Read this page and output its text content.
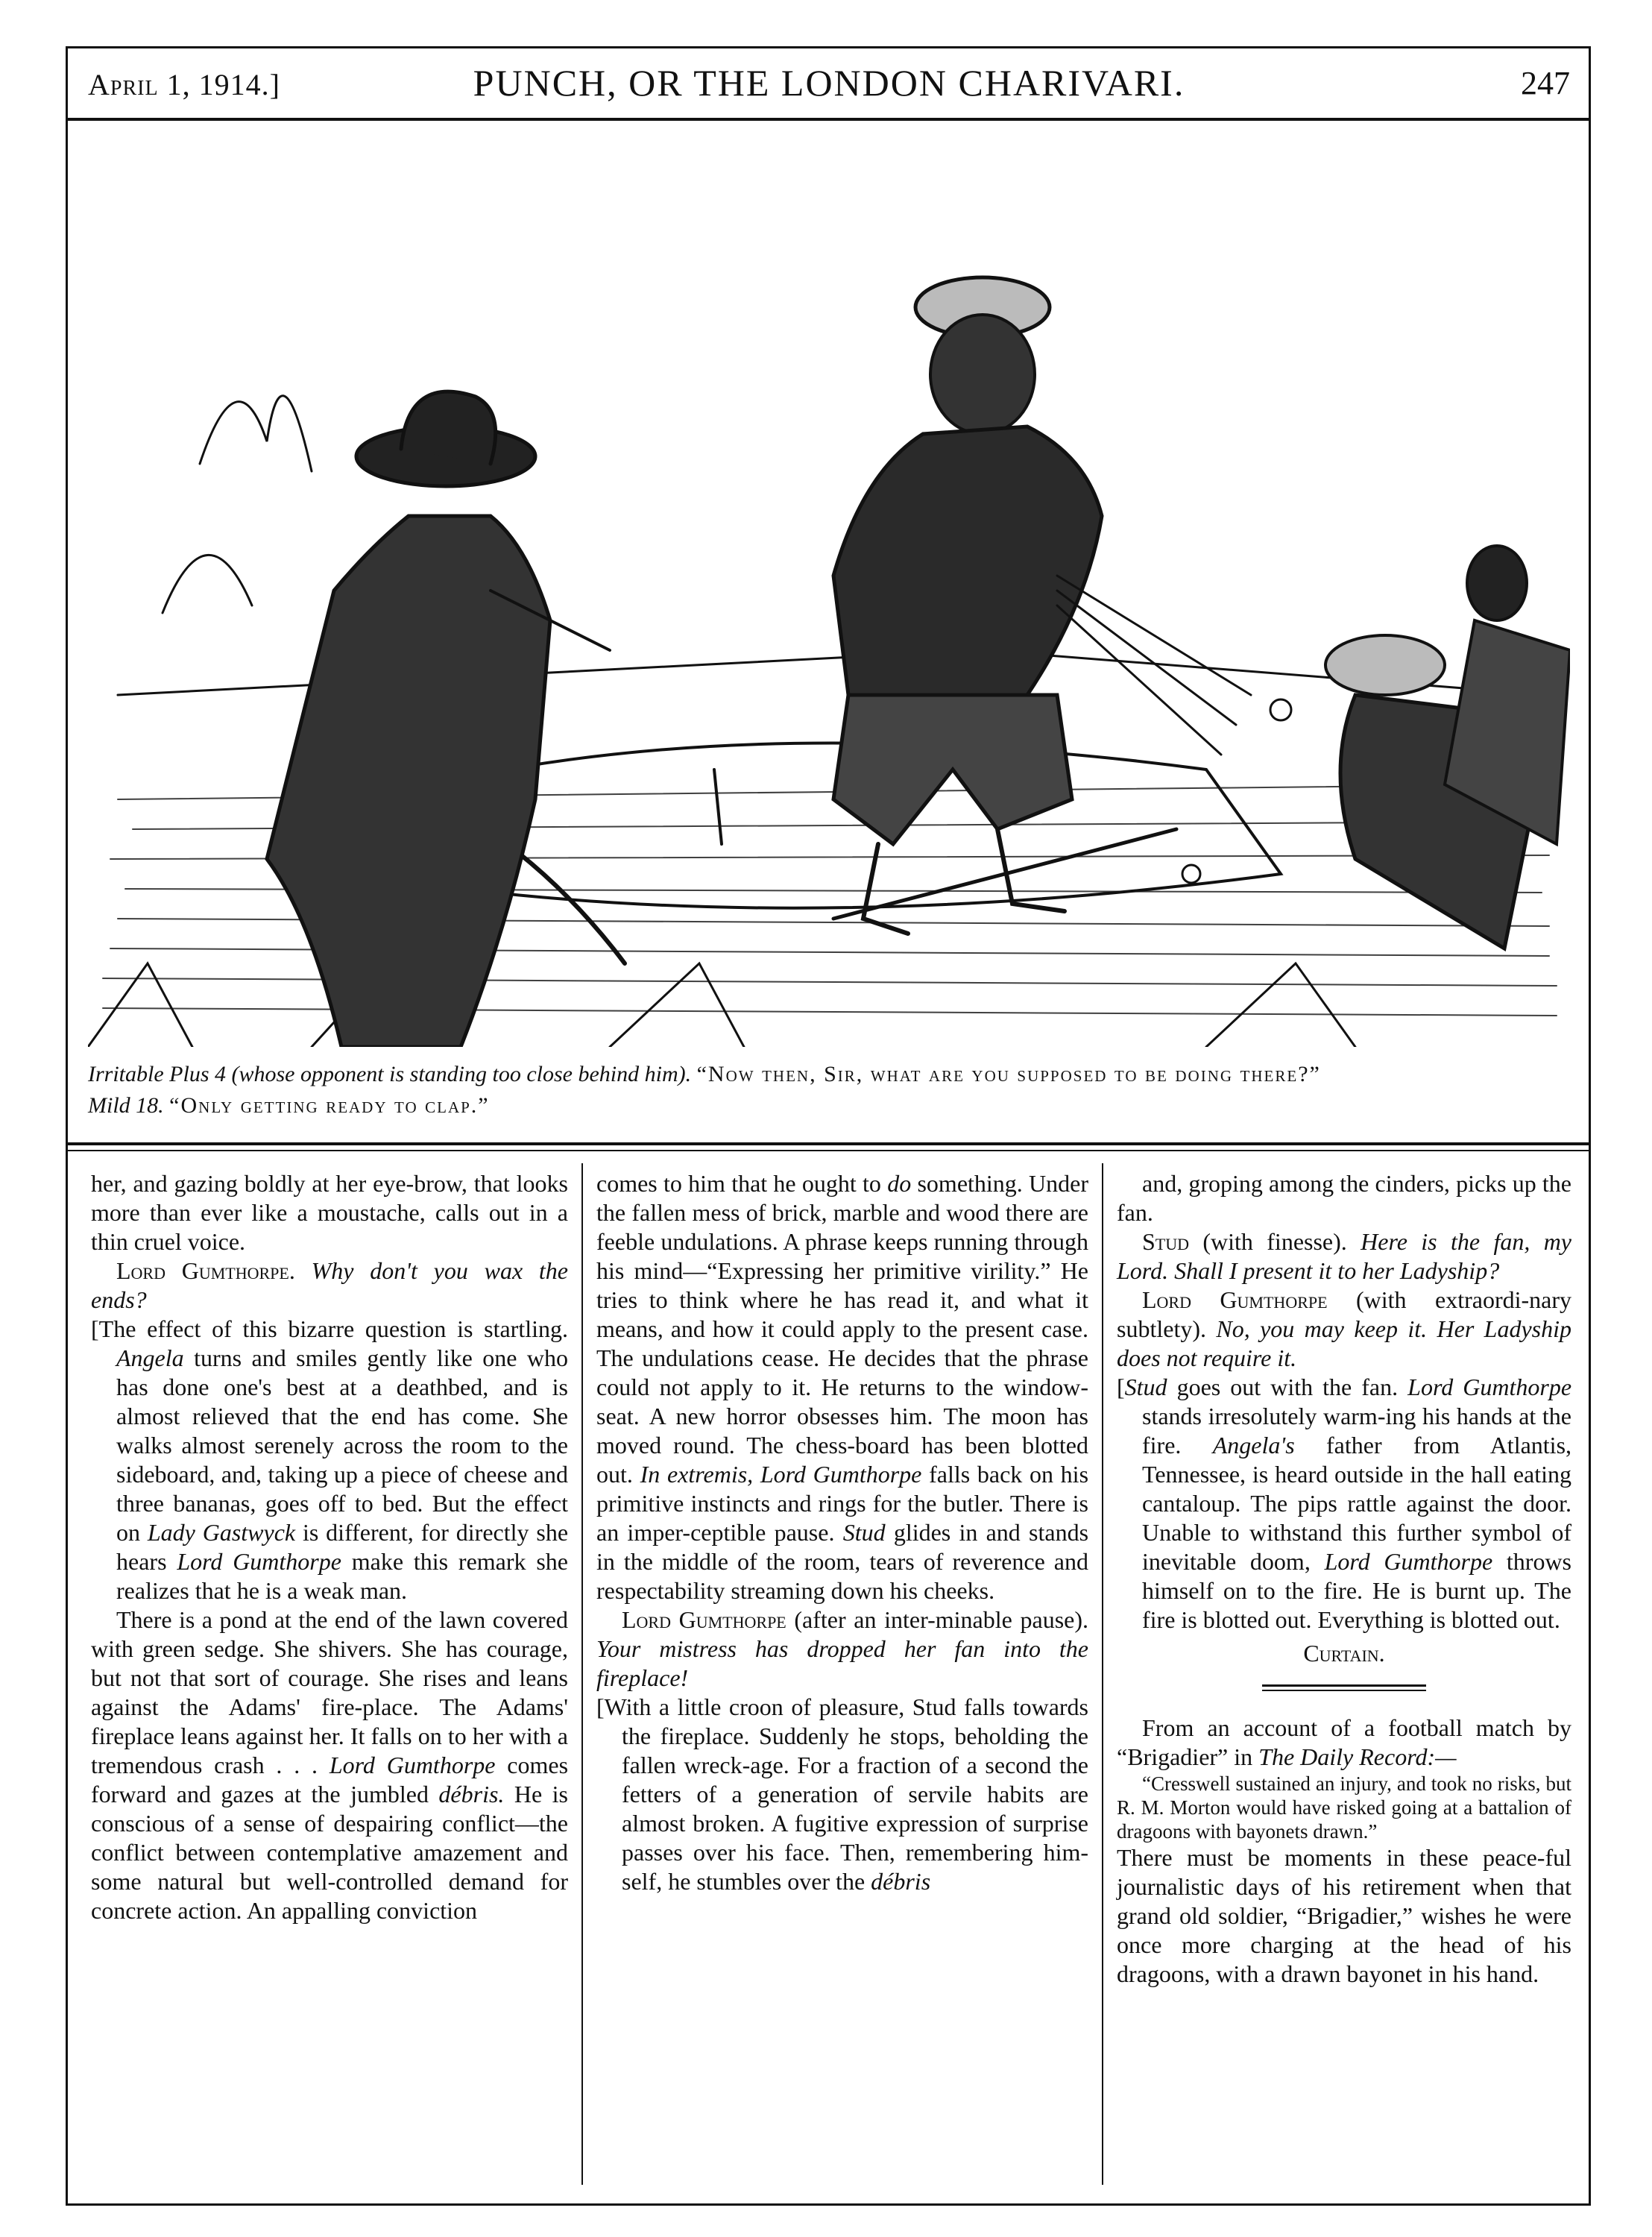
April 1, 1914.]	PUNCH, OR THE LONDON CHARIVARI.	247
Irritable Plus 4 (whose opponent is standing too close behind him). “Now then, Sir, what are you supposed to be doing there?”
Mild 18. “Only getting ready to clap.”

her, and gazing boldly at her eye-brow, that looks more than ever like a moustache, calls out in a thin cruel voice.

Lord Gumthorpe. Why don't you wax the ends?

[The effect of this bizarre question is startling. Angela turns and smiles gently like one who has done one's best at a deathbed, and is almost relieved that the end has come. She walks almost serenely across the room to the sideboard, and, taking up a piece of cheese and three bananas, goes off to bed. But the effect on Lady Gastwyck is different, for directly she hears Lord Gumthorpe make this remark she realizes that he is a weak man.

There is a pond at the end of the lawn covered with green sedge. She shivers. She has courage, but not that sort of courage. She rises and leans against the Adams' fire-place. The Adams' fireplace leans against her. It falls on to her with a tremendous crash . . . Lord Gumthorpe comes forward and gazes at the jumbled débris. He is conscious of a sense of despairing conflict—the conflict between contemplative amazement and some natural but well-controlled demand for concrete action. An appalling conviction

comes to him that he ought to do something. Under the fallen mess of brick, marble and wood there are feeble undulations. A phrase keeps running through his mind—“Expressing her primitive virility.” He tries to think where he has read it, and what it means, and how it could apply to the present case. The undulations cease. He decides that the phrase could not apply to it. He returns to the window-seat. A new horror obsesses him. The moon has moved round. The chess-board has been blotted out. In extremis, Lord Gumthorpe falls back on his primitive instincts and rings for the butler. There is an imper-ceptible pause. Stud glides in and stands in the middle of the room, tears of reverence and respectability streaming down his cheeks.

Lord Gumthorpe (after an inter-minable pause). Your mistress has dropped her fan into the fireplace!

[With a little croon of pleasure, Stud falls towards the fireplace. Suddenly he stops, beholding the fallen wreck-age. For a fraction of a second the fetters of a generation of servile habits are almost broken. A fugitive expression of surprise passes over his face. Then, remembering him-self, he stumbles over the débris

and, groping among the cinders, picks up the fan.

Stud (with finesse). Here is the fan, my Lord. Shall I present it to her Ladyship?

Lord Gumthorpe (with extraordi-nary subtlety). No, you may keep it. Her Ladyship does not require it.

[Stud goes out with the fan. Lord Gumthorpe stands irresolutely warm-ing his hands at the fire. Angela's father from Atlantis, Tennessee, is heard outside in the hall eating cantaloup. The pips rattle against the door. Unable to withstand this further symbol of inevitable doom, Lord Gumthorpe throws himself on to the fire. He is burnt up. The fire is blotted out. Everything is blotted out.

Curtain.

From an account of a football match by “Brigadier” in The Daily Record:—

“Cresswell sustained an injury, and took no risks, but R. M. Morton would have risked going at a battalion of dragoons with bayonets drawn.”

There must be moments in these peace-ful journalistic days of his retirement when that grand old soldier, “Brigadier,” wishes he were once more charging at the head of his dragoons, with a drawn bayonet in his hand.
